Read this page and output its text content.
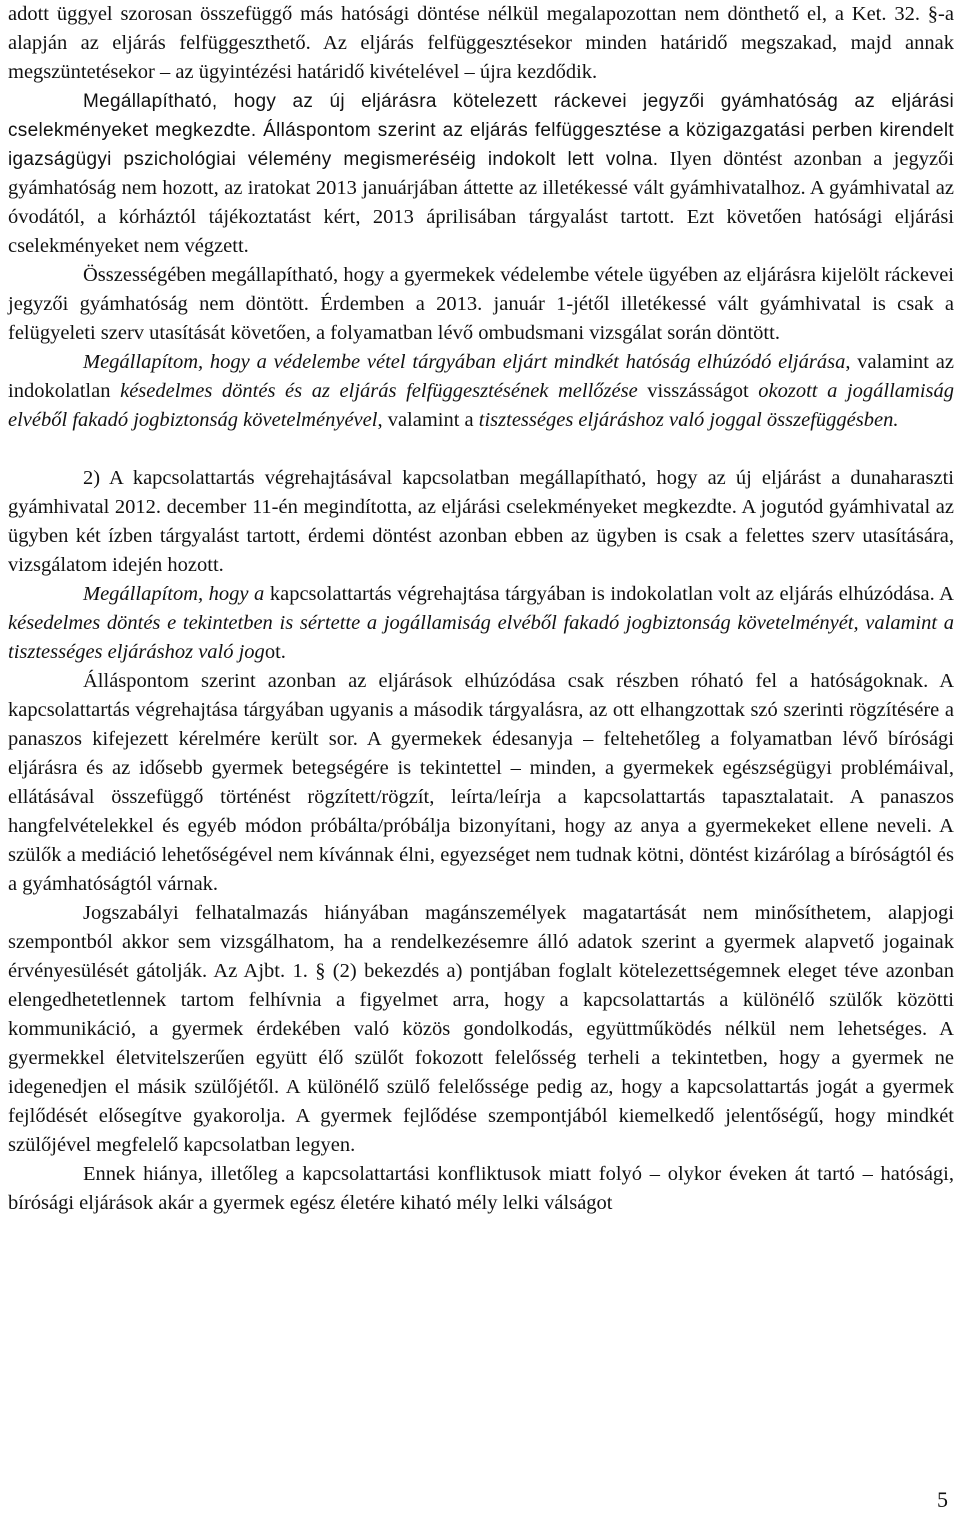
adott üggyel szorosan összefüggő más hatósági döntése nélkül megalapozottan nem dönthető el, a Ket. 32. §-a alapján az eljárás felfüggeszthető. Az eljárás felfüggesztésekor minden határidő megszakad, majd annak megszüntetésekor – az ügyintézési határidő kivételével – újra kezdődik.

Megállapítható, hogy az új eljárásra kötelezett ráckevei jegyzői gyámhatóság az eljárási cselekményeket megkezdte. Álláspontom szerint az eljárás felfüggesztése a közigazgatási perben kirendelt igazságügyi pszichológiai vélemény megismeréséig indokolt lett volna. Ilyen döntést azonban a jegyzői gyámhatóság nem hozott, az iratokat 2013 januárjában áttette az illetékessé vált gyámhivatalhoz. A gyámhivatal az óvodától, a kórháztól tájékoztatást kért, 2013 áprilisában tárgyalást tartott. Ezt követően hatósági eljárási cselekményeket nem végzett.

Összességében megállapítható, hogy a gyermekek védelembe vétele ügyében az eljárásra kijelölt ráckevei jegyzői gyámhatóság nem döntött. Érdemben a 2013. január 1-jétől illetékessé vált gyámhivatal is csak a felügyeleti szerv utasítását követően, a folyamatban lévő ombudsmani vizsgálat során döntött.

Megállapítom, hogy a védelembe vétel tárgyában eljárt mindkét hatóság elhúzódó eljárása, valamint az indokolatlan késedelmes döntés és az eljárás felfüggesztésének mellőzése visszásságot okozott a jogállamiság elvéből fakadó jogbiztonság követelményével, valamint a tisztességes eljáráshoz való joggal összefüggésben.

2) A kapcsolattartás végrehajtásával kapcsolatban megállapítható, hogy az új eljárást a dunaharaszti gyámhivatal 2012. december 11-én megindította, az eljárási cselekményeket megkezdte. A jogutód gyámhivatal az ügyben két ízben tárgyalást tartott, érdemi döntést azonban ebben az ügyben is csak a felettes szerv utasítására, vizsgálatom idején hozott.

Megállapítom, hogy a kapcsolattartás végrehajtása tárgyában is indokolatlan volt az eljárás elhúzódása. A késedelmes döntés e tekintetben is sértette a jogállamiság elvéből fakadó jogbiztonság követelményét, valamint a tisztességes eljáráshoz való jogot.

Álláspontom szerint azonban az eljárások elhúzódása csak részben róható fel a hatóságoknak. A kapcsolattartás végrehajtása tárgyában ugyanis a második tárgyalásra, az ott elhangzottak szó szerinti rögzítésére a panaszos kifejezett kérelmére került sor. A gyermekek édesanyja – feltehetőleg a folyamatban lévő bírósági eljárásra és az idősebb gyermek betegségére is tekintettel – minden, a gyermekek egészségügyi problémáival, ellátásával összefüggő történést rögzített/rögzít, leírta/leírja a kapcsolattartás tapasztalatait. A panaszos hangfelvételekkel és egyéb módon próbálta/próbálja bizonyítani, hogy az anya a gyermekeket ellene neveli. A szülők a mediáció lehetőségével nem kívánnak élni, egyezséget nem tudnak kötni, döntést kizárólag a bíróságtól és a gyámhatóságtól várnak.

Jogszabályi felhatalmazás hiányában magánszemélyek magatartását nem minősíthetem, alapjogi szempontból akkor sem vizsgálhatom, ha a rendelkezésemre álló adatok szerint a gyermek alapvető jogainak érvényesülését gátolják. Az Ajbt. 1. § (2) bekezdés a) pontjában foglalt kötelezettségemnek eleget téve azonban elengedhetetlennek tartom felhívnia a figyelmet arra, hogy a kapcsolattartás a különélő szülők közötti kommunikáció, a gyermek érdekében való közös gondolkodás, együttműködés nélkül nem lehetséges. A gyermekkel életvitelszerűen együtt élő szülőt fokozott felelősség terheli a tekintetben, hogy a gyermek ne idegenedjen el másik szülőjétől. A különélő szülő felelőssége pedig az, hogy a kapcsolattartás jogát a gyermek fejlődését elősegítve gyakorolja. A gyermek fejlődése szempontjából kiemelkedő jelentőségű, hogy mindkét szülőjével megfelelő kapcsolatban legyen.

Ennek hiánya, illetőleg a kapcsolattartási konfliktusok miatt folyó – olykor éveken át tartó – hatósági, bírósági eljárások akár a gyermek egész életére kiható mély lelki válságot

5
